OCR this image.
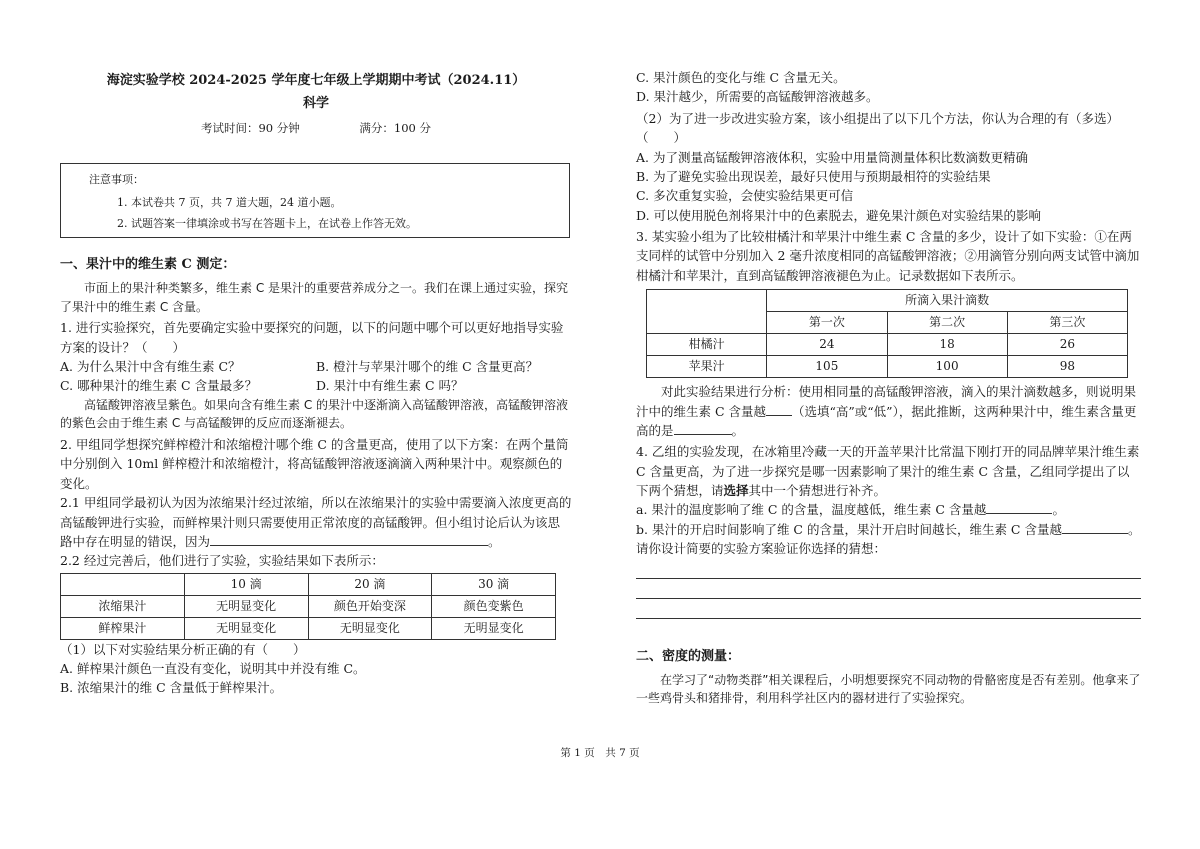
海淀实验学校 2024-2025 学年度七年级上学期期中考试（2024.11）

科学

考试时间：90 分钟	满分：100 分

注意事项：

1. 本试卷共 7 页，共 7 道大题，24 道小题。

2. 试题答案一律填涂或书写在答题卡上，在试卷上作答无效。

一、果汁中的维生素 C 测定：

市面上的果汁种类繁多，维生素 C 是果汁的重要营养成分之一。我们在课上通过实验，探究了果汁中的维生素 C 含量。

1. 进行实验探究，首先要确定实验中要探究的问题，以下的问题中哪个可以更好地指导实验方案的设计？（　　）

A. 为什么果汁中含有维生素 C？	B. 橙汁与苹果汁哪个的维 C 含量更高？
C. 哪种果汁的维生素 C 含量最多？	D. 果汁中有维生素 C 吗？

高锰酸钾溶液呈紫色。如果向含有维生素 C 的果汁中逐渐滴入高锰酸钾溶液，高锰酸钾溶液的紫色会由于维生素 C 与高锰酸钾的反应而逐渐褪去。

2. 甲组同学想探究鲜榨橙汁和浓缩橙汁哪个维 C 的含量更高，使用了以下方案：在两个量筒中分别倒入 10ml 鲜榨橙汁和浓缩橙汁，将高锰酸钾溶液逐滴滴入两种果汁中。观察颜色的变化。

2.1 甲组同学最初认为因为浓缩果汁经过浓缩，所以在浓缩果汁的实验中需要滴入浓度更高的高锰酸钾进行实验，而鲜榨果汁则只需要使用正常浓度的高锰酸钾。但小组讨论后认为该思路中存在明显的错误，因为	。

2.2 经过完善后，他们进行了实验，实验结果如下表所示：

	10 滴	20 滴	30 滴
浓缩果汁	无明显变化	颜色开始变深	颜色变紫色
鲜榨果汁	无明显变化	无明显变化	无明显变化

（1）以下对实验结果分析正确的有（　　）

A. 鲜榨果汁颜色一直没有变化，说明其中并没有维 C。

B. 浓缩果汁的维 C 含量低于鲜榨果汁。

C. 果汁颜色的变化与维 C 含量无关。

D. 果汁越少，所需要的高锰酸钾溶液越多。

（2）为了进一步改进实验方案，该小组提出了以下几个方法，你认为合理的有（多选）（　　）

A. 为了测量高锰酸钾溶液体积，实验中用量筒测量体积比数滴数更精确

B. 为了避免实验出现误差，最好只使用与预期最相符的实验结果

C. 多次重复实验，会使实验结果更可信

D. 可以使用脱色剂将果汁中的色素脱去，避免果汁颜色对实验结果的影响

3. 某实验小组为了比较柑橘汁和苹果汁中维生素 C 含量的多少，设计了如下实验：①在两支同样的试管中分别加入 2 毫升浓度相同的高锰酸钾溶液；②用滴管分别向两支试管中滴加柑橘汁和苹果汁，直到高锰酸钾溶液褪色为止。记录数据如下表所示。

	所滴入果汁滴数		
	第一次	第二次	第三次
柑橘汁	24	18	26
苹果汁	105	100	98

对此实验结果进行分析：使用相同量的高锰酸钾溶液，滴入的果汁滴数越多，则说明果汁中的维生素 C 含量越 （选填“高”或“低”），据此推断，这两种果汁中，维生素含量更高的是	。

4. 乙组的实验发现，在冰箱里冷藏一天的开盖苹果汁比常温下刚打开的同品牌苹果汁维生素 C 含量更高，为了进一步探究是哪一因素影响了果汁的维生素 C 含量，乙组同学提出了以下两个猜想，请选择其中一个猜想进行补齐。

a. 果汁的温度影响了维 C 的含量，温度越低，维生素 C 含量越	。

b. 果汁的开启时间影响了维 C 的含量，果汁开启时间越长，维生素 C 含量越	。

请你设计简要的实验方案验证你选择的猜想：

二、密度的测量：

在学习了“动物类群”相关课程后，小明想要探究不同动物的骨骼密度是否有差别。他拿来了一些鸡骨头和猪排骨，利用科学社区内的器材进行了实验探究。

第 1 页　共 7 页
